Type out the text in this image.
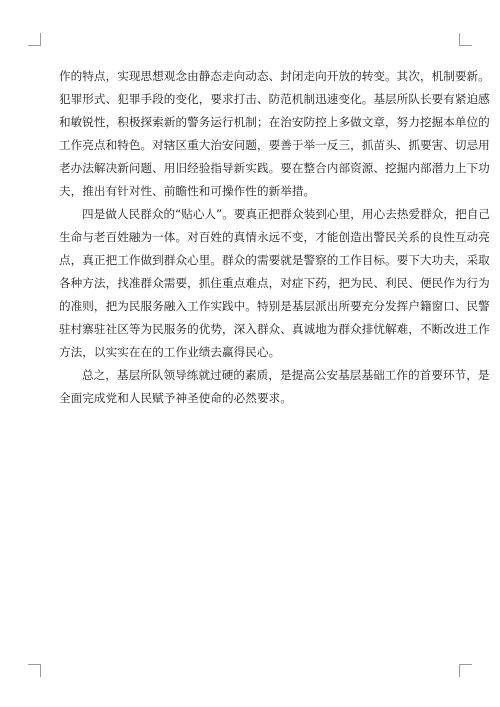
作的特点，实现思想观念由静态走向动态、封闭走向开放的转变。其次，机制要新。
犯罪形式、犯罪手段的变化，要求打击、防范机制迅速变化。基层所队长要有紧迫感
和敏锐性，积极探索新的警务运行机制；在治安防控上多做文章，努力挖掘本单位的
工作亮点和特色。对辖区重大治安问题，要善于举一反三，抓苗头、抓要害、切忌用
老办法解决新问题、用旧经验指导新实践。要在整合内部资源、挖掘内部潜力上下功
夫，推出有针对性、前瞻性和可操作性的新举措。
四是做人民群众的“贴心人”。要真正把群众装到心里，用心去热爱群众，把自己
生命与老百姓融为一体。对百姓的真情永远不变，才能创造出警民关系的良性互动亮
点，真正把工作做到群众心里。群众的需要就是警察的工作目标。要下大功夫，采取
各种方法，找准群众需要，抓住重点难点，对症下药，把为民、利民、便民作为行为
的准则，把为民服务融入工作实践中。特别是基层派出所要充分发挥户籍窗口、民警
驻村寨驻社区等为民服务的优势，深入群众、真诚地为群众排忧解难，不断改进工作
方法，以实实在在的工作业绩去赢得民心。
总之，基层所队领导练就过硬的素质，是提高公安基层基础工作的首要环节，是
全面完成党和人民赋予神圣使命的必然要求。
